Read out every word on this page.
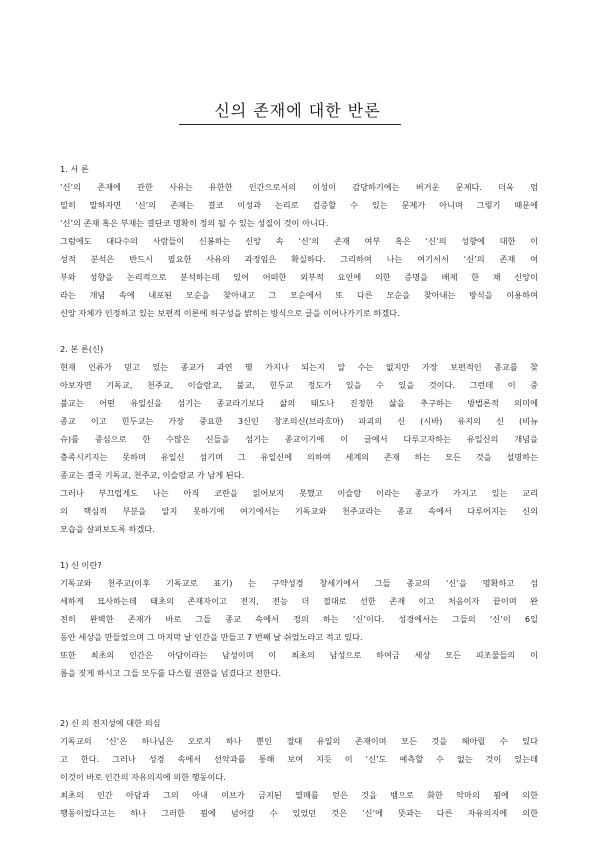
신의 존재에 대한 반론
1. 서 론
‘신’의 존재에 관한 사유는 유한한 인간으로서의 이성이 감당하기에는 버거운 문제다. 더욱 엄
밀히 말하자면 ‘신’의 존재는 결코 이성과 논리로 검증할 수 있는 문제가 아니며 그렇기 때문에
‘신’의 존재 혹은 부재는 결단코 명확히 정의 될 수 있는 성질이 것이 아니다.
그럼에도 대다수의 사람들이 신봉하는 신앙 속 ‘신’의 존재 여부 혹은 ‘신’의 성향에 대한 이
성적 분석은 반드시 필요한 사유의 과정임은 확실하다. 그리하여 나는 여기서서 ‘신’의 존재 여
부와 성향을 논리적으로 분석하는데 있어 어떠한 외부적 요인에 의한 증명을 배제 한 채 신앙이
라는 개념 속에 내포된 모순을 찾아내고 그 모순에서 또 다른 모순을 찾아내는 방식을 이용하여
신앙 자체가 인정하고 있는 보편적 이론에 허구성을 밝히는 방식으로 글을 이어나가기로 하겠다.
2. 본 론(신)
현재 인류가 믿고 있는 종교가 과연 몇 가지나 되는지 알 수는 없지만 가장 보편적인 종교를 찾
아보자면 기독교, 천주교, 이슬람교, 불교, 힌두교 정도가 있을 수 있을 것이다. 그런데 이 중
불교는 어떤 유일신을 섬기는 종교라기보다 삶의 태도나 진정한 삶을 추구하는 방법론적 의미에
종교 이고 힌두교는 가장 중요한 3신인 창조의신(브라흐마) 파괴의 신 (시바) 유지의 신 (비뉴
슈)를 중심으로 한 수많은 신들을 섬기는 종교이기에 이 글에서 다루고자하는 유일신의 개념을
충족시키지는 못하며 유일신 섬기며 그 유일신에 의하여 세계의 존재 하는 모든 것을 설명하는
종교는 결국 기독교, 천주교, 이슬람교 가 남게 된다.
그러나 부끄럽게도 나는 아직 코란을 읽어보지 못했고 이슬람 이라는 종교가 가지고 있는 교리
의 핵심적 부분을 알지 못하기에 여기에서는 기독교와 천주교라는 종교 속에서 다루어지는 신의
모습을 살펴보도록 하겠다.
1) 신 이란?
기독교와 천주교(이후 기독교로 표기) 는 구약성경 창세기에서 그들 종교의 ‘신’을 명확하고 섬
세하게 묘사하는데 태초의 존재자이고 전지, 전능 더 절대로 선한 존재 이고 처음이자 끝이며 완
전히 완벽한 존재가 바로 그들 종교 속에서 정의 하는 ‘신’이다. 성경에서는 그들의 ‘신’이 6일
동안 세상을 만들었으며 그 마지막 날 인간을 만들고 7 번째 날 쉬었노라고 적고 있다.
또한 최초의 인간은 아담이라는 남성이며 이 최초의 남성으로 하여금 세상 모든 피조물들의 이
름을 짓게 하시고 그들 모두를 다스릴 권한을 넘겼다고 전한다.
2) 신 의 전지성에 대한 의심
기독교의 ‘신’은 하나님은 오로지 하나 뿐인 절대 유일의 존재이며 모든 것을 헤아릴 수 있다
고 한다. 그러나 성경 속에서 선악과를 통해 보여 지듯 이 ‘신’도 예측할 수 없는 것이 있는데
이것이 바로 인간의 자유의지에 의한 행동이다.
최초의 인간 아담과 그의 아내 이브가 금지된 열매를 얻은 것을 뱀으로 화한 악마의 꾐에 의한
행동이었다고는 하나 그러한 꾐에 넘어갈 수 있었던 것은 ‘신’에 뜻과는 다른 자유의지에 의한
